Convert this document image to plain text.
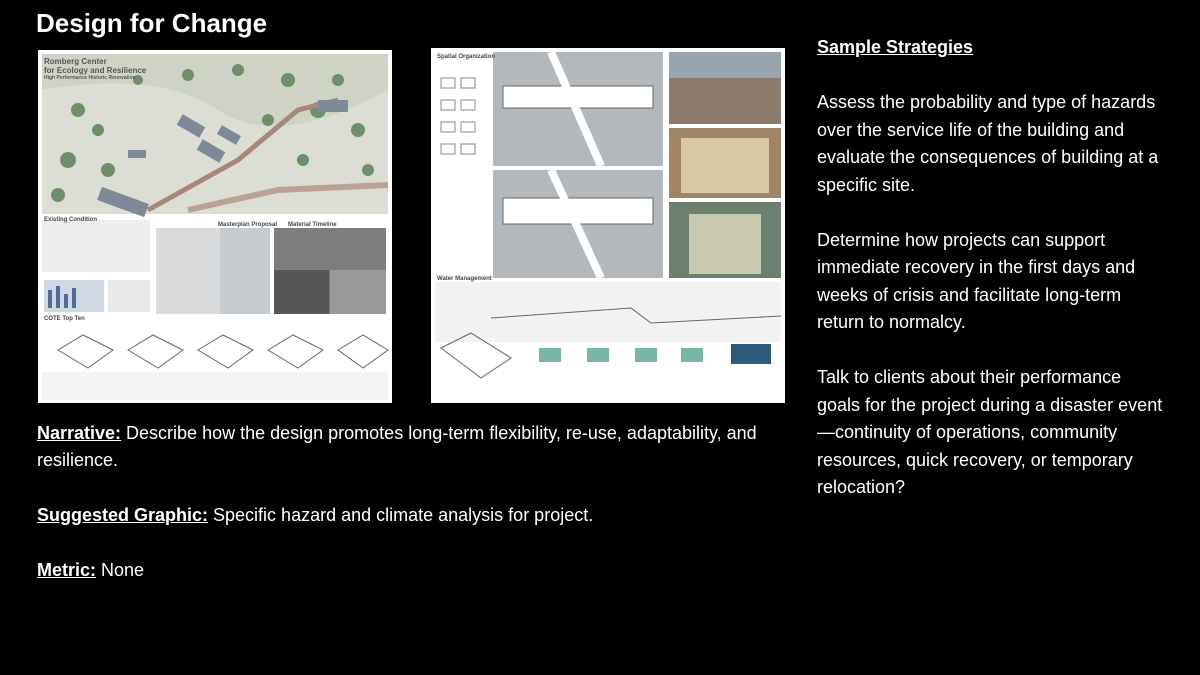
Design for Change
Romberg Center
for Ecology and Resilience
High Performance Historic Renovation
Existing Condition
Masterplan Proposal Material Timeline
COTE Top Ten
Spatial Organization
Water Management
Narrative: Describe how the design promotes long-term flexibility, re-use, adaptability, and resilience.
Suggested Graphic: Specific hazard and climate analysis for project.
Metric: None
Sample Strategies

Assess the probability and type of hazards over the service life of the building and evaluate the consequences of building at a specific site.

Determine how projects can support immediate recovery in the first days and weeks of crisis and facilitate long-term return to normalcy.

Talk to clients about their performance goals for the project during a disaster event—continuity of operations, community resources, quick recovery, or temporary relocation?
